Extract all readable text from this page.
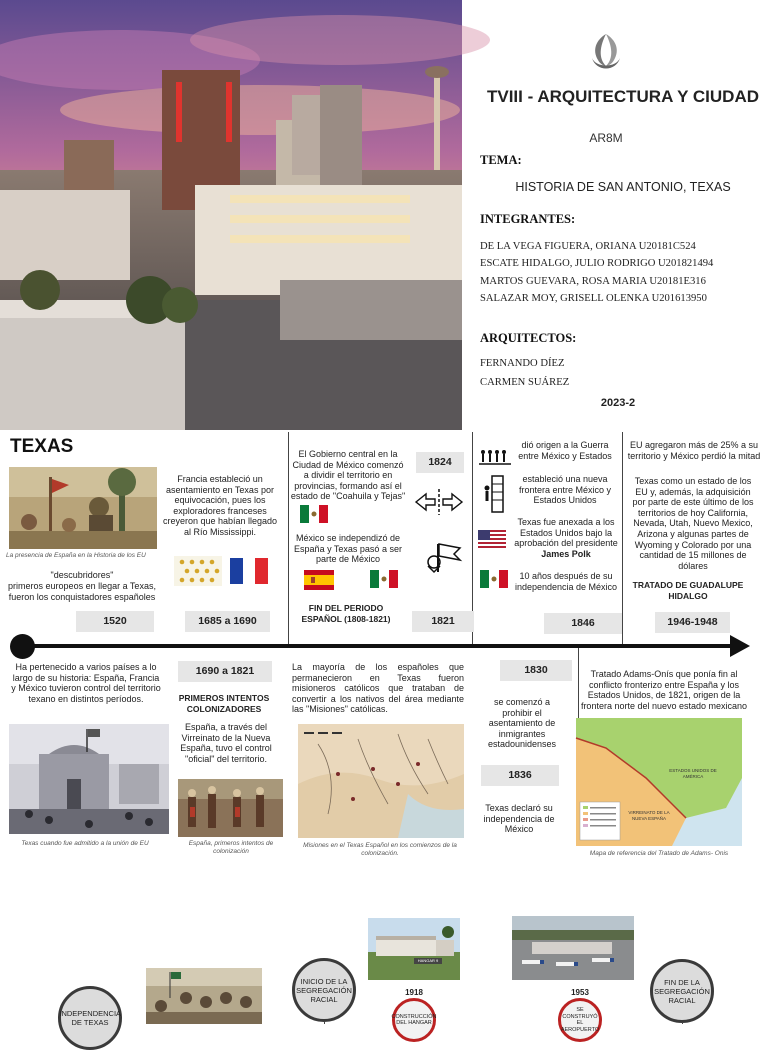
TVIII - ARQUITECTURA Y CIUDAD
AR8M
TEMA:
HISTORIA DE SAN ANTONIO, TEXAS
INTEGRANTES:
DE LA VEGA FIGUERA, ORIANA U20181C524
ESCATE HIDALGO, JULIO RODRIGO U201821494
MARTOS GUEVARA, ROSA MARIA U20181E316
SALAZAR MOY, GRISELL OLENKA U201613950
ARQUITECTOS:
FERNANDO DÍEZ
CARMEN SUÁREZ
2023-2
TEXAS
La presencia de España en la Historia de los EU
"descubridores"
primeros europeos en llegar a Texas, fueron los conquistadores españoles
Francia estableció un asentamiento en Texas por equivocación, pues los exploradores franceses creyeron que habían llegado al Río Mississippi.
El Gobierno central en la Ciudad de México comenzó a dividir el territorio en provincias, formando así el estado de "Coahuila y Tejas"
México se independizó de España y Texas pasó a ser parte de México
FIN DEL PERIODO ESPAÑOL (1808-1821)
1824
dió origen a la Guerra entre México y Estados
estableció una nueva frontera entre México y Estados Unidos
Texas fue anexada a los Estados Unidos bajo la aprobación del presidente
James Polk
10 años después de su independencia de México
EU agregaron más de 25% a su territorio y México perdió la mitad
Texas como un estado de los EU y, además, la adquisición por parte de este último de los territorios de hoy California, Nevada, Utah, Nuevo Mexico, Arizona y algunas partes de Wyoming y Colorado por una cantidad de 15 millones de dólares
TRATADO DE GUADALUPE HIDALGO
1520	1685 a 1690	1821	1846	1946-1948
Ha pertenecido a varios países a lo largo de su historia: España, Francia y México tuvieron control del territorio texano en distintos períodos.
1690 a 1821
PRIMEROS INTENTOS COLONIZADORES
España, a través del Virreinato de la Nueva España, tuvo el control "oficial" del territorio.
La mayoría de los españoles que permanecieron en Texas fueron misioneros católicos que trataban de convertir a los nativos del área mediante las "Misiones" católicas.
1830
se comenzó a prohibir el asentamiento de inmigrantes estadounidenses
1836
Texas declaró su independencia de México
Tratado Adams-Onís que ponía fin al conflicto fronterizo entre España y los Estados Unidos, de 1821, origen de la frontera norte del nuevo estado mexicano
ESTADOS UNIDOS DE AMÉRICA
VIRREINATO DE LA NUEVA ESPAÑA
Texas cuando fue admitido a la unión de EU	España, primeros intentos de colonización
Misiones en el Texas Español en los comienzos de la colonización.	Mapa de referencia del Tratado de Adams- Onis
INDEPENDENCIA DE TEXAS
INICIO DE LA SEGREGACIÓN RACIAL
HANGAR 9
1918
CONSTRUCCIÓN DEL HANGAR
1953
SE CONSTRUYÓ EL AEROPUERTO
FIN DE LA SEGREGACIÓN RACIAL
